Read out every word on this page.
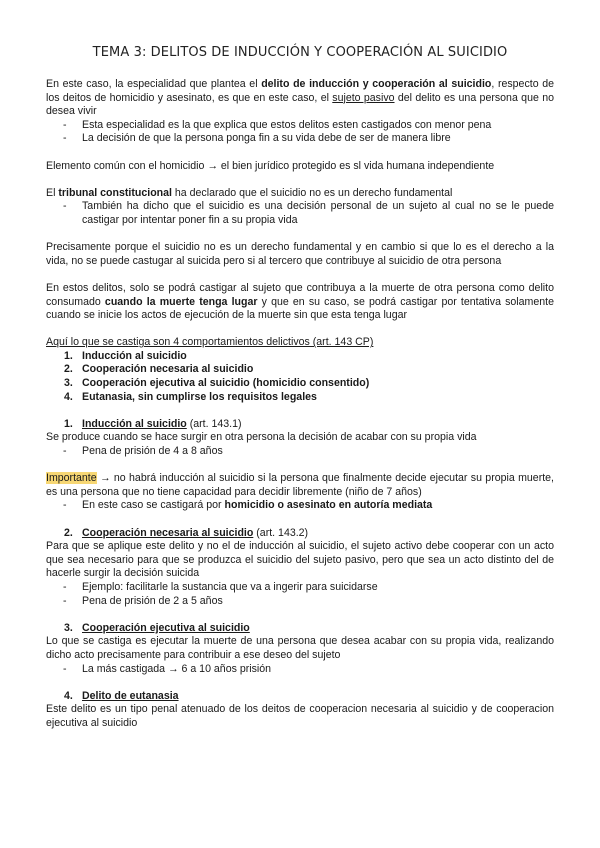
TEMA 3: DELITOS DE INDUCCIÓN Y COOPERACIÓN AL SUICIDIO

En este caso, la especialidad que plantea el delito de inducción y cooperación al suicidio, respecto de los deitos de homicidio y asesinato, es que en este caso, el sujeto pasivo del delito es una persona que no desea vivir

- Esta especialidad es la que explica que estos delitos esten castigados con menor pena
- La decisión de que la persona ponga fin a su vida debe de ser de manera libre

Elemento común con el homicidio → el bien jurídico protegido es sl vida humana independiente

El tribunal constitucional ha declarado que el suicidio no es un derecho fundamental

- También ha dicho que el suicidio es una decisión personal de un sujeto al cual no se le puede castigar por intentar poner fin a su propia vida

Precisamente porque el suicidio no es un derecho fundamental y en cambio si que lo es el derecho a la vida, no se puede castugar al suicida pero si al tercero que contribuye al suicidio de otra persona

En estos delitos, solo se podrá castigar al sujeto que contribuya a la muerte de otra persona como delito consumado cuando la muerte tenga lugar y que en su caso, se podrá castigar por tentativa solamente cuando se inicie los actos de ejecución de la muerte sin que esta tenga lugar

Aquí lo que se castiga son 4 comportamientos delictivos (art. 143 CP)

1. Inducción al suicidio
2. Cooperación necesaria al suicidio
3. Cooperación ejecutiva al suicidio (homicidio consentido)
4. Eutanasia, sin cumplirse los requisitos legales

1. Inducción al suicidio (art. 143.1)

Se produce cuando se hace surgir en otra persona la decisión de acabar con su propia vida

- Pena de prisión de 4 a 8 años

Importante → no habrá inducción al suicidio si la persona que finalmente decide ejecutar su propia muerte, es una persona que no tiene capacidad para decidir libremente (niño de 7 años)

- En este caso se castigará por homicidio o asesinato en autoría mediata

2. Cooperación necesaria al suicidio (art. 143.2)

Para que se aplique este delito y no el de inducción al suicidio, el sujeto activo debe cooperar con un acto que sea necesario para que se produzca el suicidio del sujeto pasivo, pero que sea un acto distinto del de hacerle surgir la decisión suicida

- Ejemplo: facilitarle la sustancia que va a ingerir para suicidarse
- Pena de prisión de 2 a 5 años

3. Cooperación ejecutiva al suicidio

Lo que se castiga es ejecutar la muerte de una persona que desea acabar con su propia vida, realizando dicho acto precisamente para contribuir a ese deseo del sujeto

- La más castigada → 6 a 10 años prisión

4. Delito de eutanasia

Este delito es un tipo penal atenuado de los deitos de cooperacion necesaria al suicidio y de cooperacion ejecutiva al suicidio
